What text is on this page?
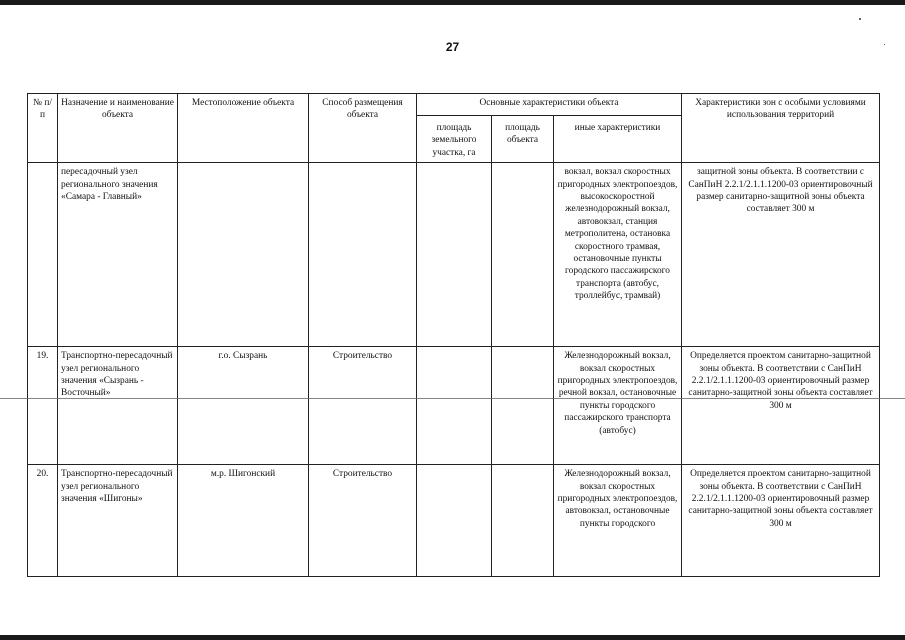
27
№ п/п	Назначение и наименование объекта	Местоположение объекта	Способ размещения объекта	Основные характеристики объекта			Характеристики зон с особыми условиями использования территорий
				площадь земельного участка, га	площадь объекта	иные характеристики	
	пересадочный узел регионального значения «Самара - Главный»					вокзал, вокзал скоростных пригородных электропоездов, высокоскоростной железнодорожный вокзал, автовокзал, станция метрополитена, остановка скоростного трамвая, остановочные пункты городского пассажирского транспорта (автобус, троллейбус, трамвай)	защитной зоны объекта. В соответствии с СанПиН 2.2.1/2.1.1.1200-03 ориентировочный размер санитарно-защитной зоны объекта составляет 300 м
19.	Транспортно-пересадочный узел регионального значения «Сызрань - Восточный»	г.о. Сызрань	Строительство			Железнодорожный вокзал, вокзал скоростных пригородных электропоездов, речной вокзал, остановочные пункты городского пассажирского транспорта (автобус)	Определяется проектом санитарно-защитной зоны объекта. В соответствии с СанПиН 2.2.1/2.1.1.1200-03 ориентировочный размер санитарно-защитной зоны объекта составляет 300 м
20.	Транспортно-пересадочный узел регионального значения «Шигоны»	м.р. Шигонский	Строительство			Железнодорожный вокзал, вокзал скоростных пригородных электропоездов, автовокзал, остановочные пункты городского	Определяется проектом санитарно-защитной зоны объекта. В соответствии с СанПиН 2.2.1/2.1.1.1200-03 ориентировочный размер санитарно-защитной зоны объекта составляет 300 м
